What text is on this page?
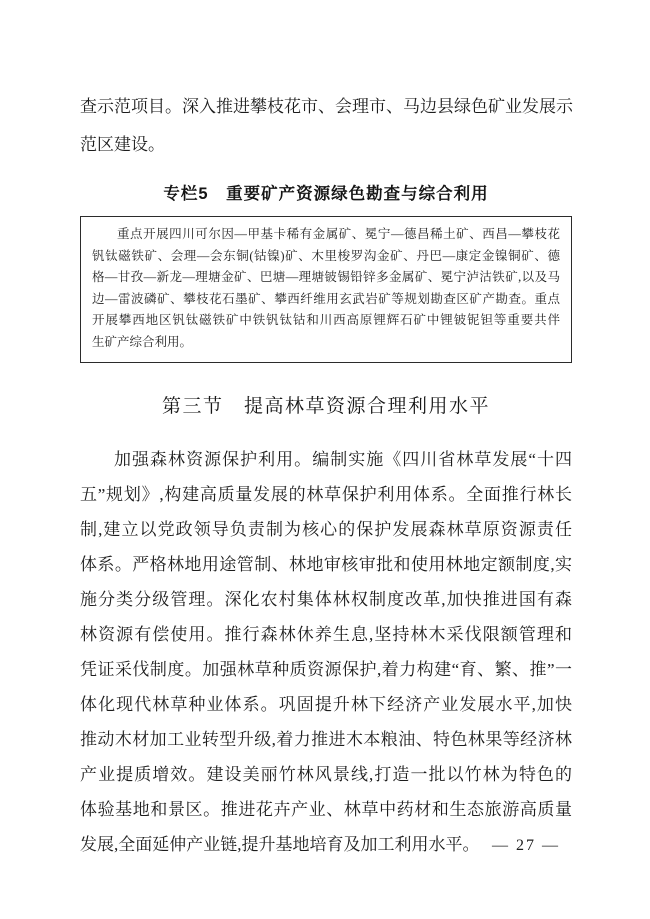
查示范项目。深入推进攀枝花市、会理市、马边县绿色矿业发展示
范区建设。
专栏5　重要矿产资源绿色勘查与综合利用
重点开展四川可尔因—甲基卡稀有金属矿、冕宁—德昌稀土矿、西昌—攀枝花
钒钛磁铁矿、会理—会东铜(钴镍)矿、木里梭罗沟金矿、丹巴—康定金镍铜矿、德
格—甘孜—新龙—理塘金矿、巴塘—理塘铍锡铅锌多金属矿、冕宁泸沽铁矿,以及马
边—雷波磷矿、攀枝花石墨矿、攀西纤维用玄武岩矿等规划勘查区矿产勘查。重点
开展攀西地区钒钛磁铁矿中铁钒钛钴和川西高原锂辉石矿中锂铍铌钽等重要共伴
生矿产综合利用。
第三节　提高林草资源合理利用水平
加强森林资源保护利用。编制实施《四川省林草发展“十四
五”规划》,构建高质量发展的林草保护利用体系。全面推行林长
制,建立以党政领导负责制为核心的保护发展森林草原资源责任
体系。严格林地用途管制、林地审核审批和使用林地定额制度,实
施分类分级管理。深化农村集体林权制度改革,加快推进国有森
林资源有偿使用。推行森林休养生息,坚持林木采伐限额管理和
凭证采伐制度。加强林草种质资源保护,着力构建“育、繁、推”一
体化现代林草种业体系。巩固提升林下经济产业发展水平,加快
推动木材加工业转型升级,着力推进木本粮油、特色林果等经济林
产业提质增效。建设美丽竹林风景线,打造一批以竹林为特色的
体验基地和景区。推进花卉产业、林草中药材和生态旅游高质量
发展,全面延伸产业链,提升基地培育及加工利用水平。 — 27 —
